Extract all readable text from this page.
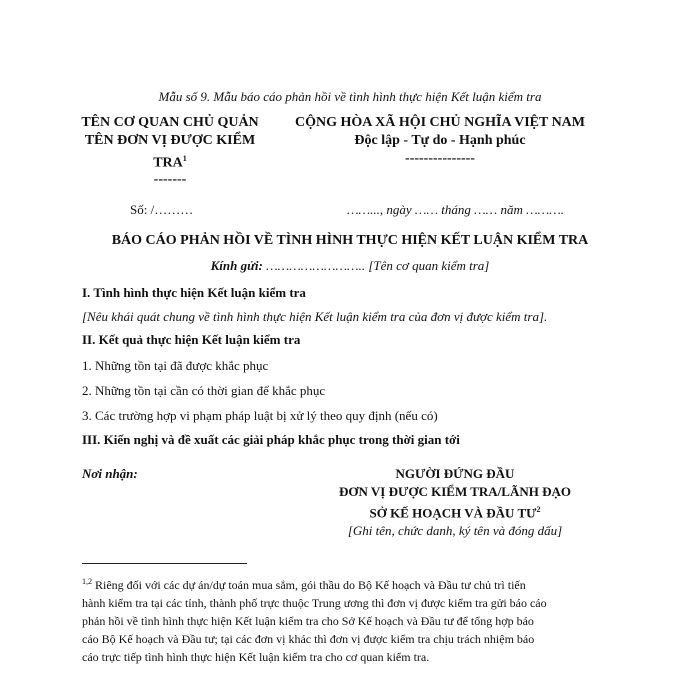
Mẫu số 9. Mẫu báo cáo phản hồi về tình hình thực hiện Kết luận kiểm tra
TÊN CƠ QUAN CHỦ QUẢN
TÊN ĐƠN VỊ ĐƯỢC KIỂM
TRA$^1$
-------
CỘNG HÒA XÃ HỘI CHỦ NGHĨA VIỆT NAM
Độc lập - Tự do - Hạnh phúc
---------------
Số: /………	……..., ngày …… tháng …… năm ……….
BÁO CÁO PHẢN HỒI VỀ TÌNH HÌNH THỰC HIỆN KẾT LUẬN KIỂM TRA
Kính gửi: …………………….. [Tên cơ quan kiểm tra]
I. Tình hình thực hiện Kết luận kiểm tra
[Nêu khái quát chung về tình hình thực hiện Kết luận kiểm tra của đơn vị được kiểm tra].
II. Kết quả thực hiện Kết luận kiểm tra
1. Những tồn tại đã được khắc phục
2. Những tồn tại cần có thời gian để khắc phục
3. Các trường hợp vi phạm pháp luật bị xử lý theo quy định (nếu có)
III. Kiến nghị và đề xuất các giải pháp khắc phục trong thời gian tới
Nơi nhận:	NGƯỜI ĐỨNG ĐẦU
ĐƠN VỊ ĐƯỢC KIỂM TRA/LÃNH ĐẠO
SỞ KẾ HOẠCH VÀ ĐẦU $TƯ^2$
[Ghi tên, chức danh, ký tên và đóng dấu]
$^{1,2}$ Riêng đối với các dự án/dự toán mua sắm, gói thầu do Bộ Kế hoạch và Đầu tư chủ trì tiến
hành kiểm tra tại các tỉnh, thành phố trực thuộc Trung ương thì đơn vị được kiểm tra gửi báo cáo
phản hồi về tình hình thực hiện Kết luận kiểm tra cho Sở Kế hoạch và Đầu tư để tổng hợp báo
cáo Bộ Kế hoạch và Đầu tư; tại các đơn vị khác thì đơn vị được kiểm tra chịu trách nhiệm báo
cáo trực tiếp tình hình thực hiện Kết luận kiểm tra cho cơ quan kiểm tra.
